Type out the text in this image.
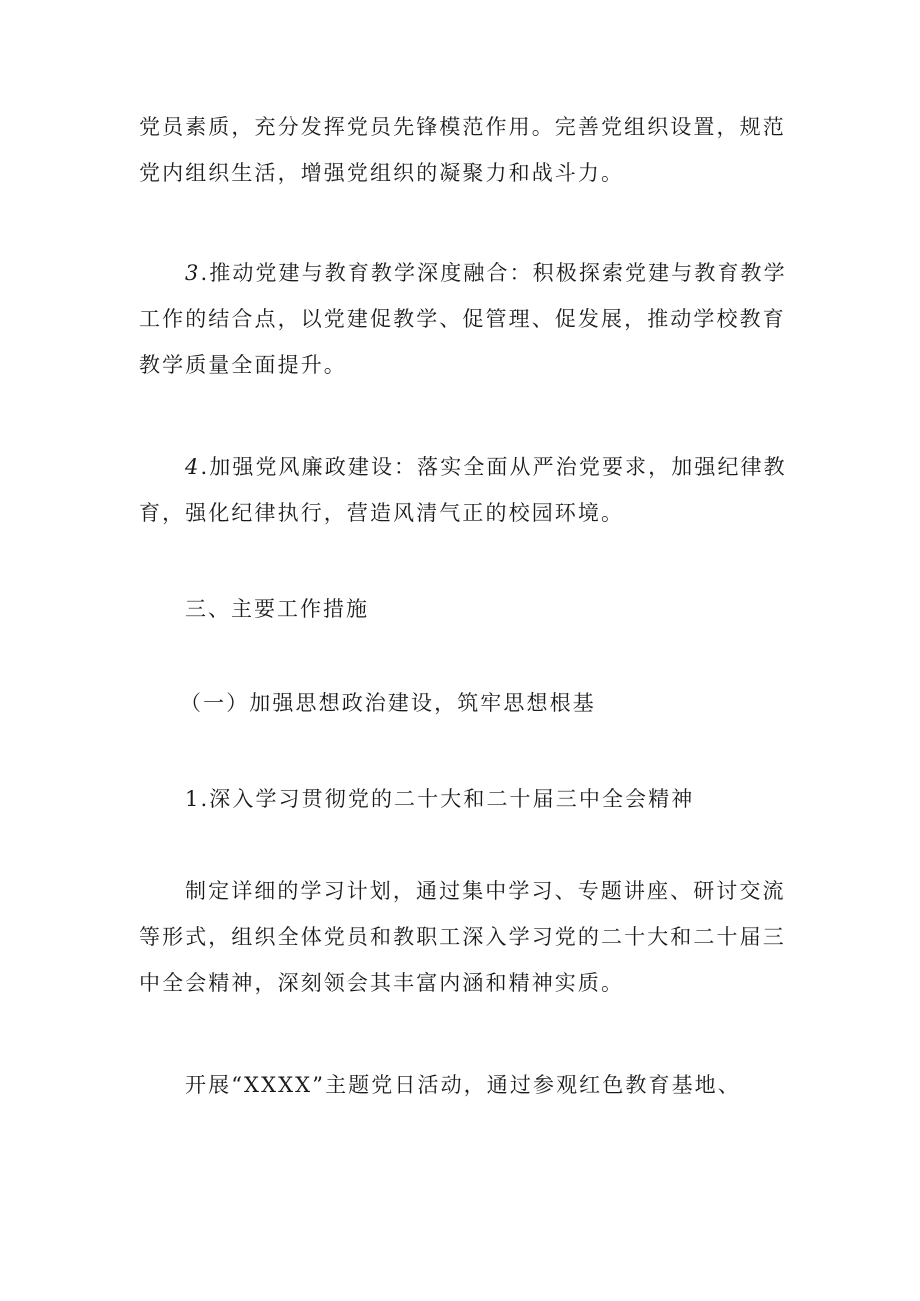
党员素质，充分发挥党员先锋模范作用。完善党组织设置，规范党内组织生活，增强党组织的凝聚力和战斗力。

3.推动党建与教育教学深度融合：积极探索党建与教育教学工作的结合点，以党建促教学、促管理、促发展，推动学校教育教学质量全面提升。

4.加强党风廉政建设：落实全面从严治党要求，加强纪律教育，强化纪律执行，营造风清气正的校园环境。

三、主要工作措施

（一）加强思想政治建设，筑牢思想根基

1.深入学习贯彻党的二十大和二十届三中全会精神

制定详细的学习计划，通过集中学习、专题讲座、研讨交流等形式，组织全体党员和教职工深入学习党的二十大和二十届三中全会精神，深刻领会其丰富内涵和精神实质。

开展“XXXX”主题党日活动，通过参观红色教育基地、
